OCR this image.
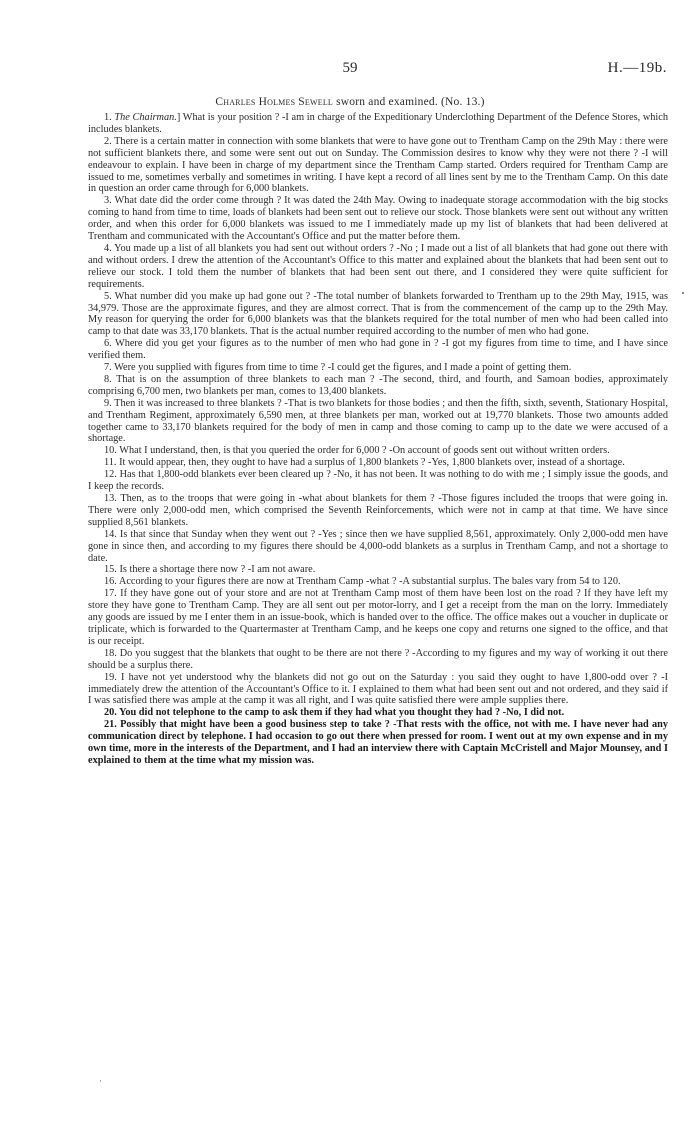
59	H.—19b.
Charles Holmes Sewell sworn and examined. (No. 13.)

1. The Chairman.] What is your position ? -I am in charge of the Expeditionary Underclothing Department of the Defence Stores, which includes blankets.

2. There is a certain matter in connection with some blankets that were to have gone out to Trentham Camp on the 29th May : there were not sufficient blankets there, and some were sent out out on Sunday. The Commission desires to know why they were not there ? -I will endeavour to explain. I have been in charge of my department since the Trentham Camp started. Orders required for Trentham Camp are issued to me, sometimes verbally and sometimes in writing. I have kept a record of all lines sent by me to the Trentham Camp. On this date in question an order came through for 6,000 blankets.

3. What date did the order come through ? It was dated the 24th May. Owing to inadequate storage accommodation with the big stocks coming to hand from time to time, loads of blankets had been sent out to relieve our stock. Those blankets were sent out without any written order, and when this order for 6,000 blankets was issued to me I immediately made up my list of blankets that had been delivered at Trentham and communicated with the Accountant's Office and put the matter before them.

4. You made up a list of all blankets you had sent out without orders ? -No ; I made out a list of all blankets that had gone out there with and without orders. I drew the attention of the Accountant's Office to this matter and explained about the blankets that had been sent out to relieve our stock. I told them the number of blankets that had been sent out there, and I considered they were quite sufficient for requirements.

5. What number did you make up had gone out ? -The total number of blankets forwarded to Trentham up to the 29th May, 1915, was 34,979. Those are the approximate figures, and they are almost correct. That is from the commencement of the camp up to the 29th May. My reason for querying the order for 6,000 blankets was that the blankets required for the total number of men who had been called into camp to that date was 33,170 blankets. That is the actual number required according to the number of men who had gone.

6. Where did you get your figures as to the number of men who had gone in ? -I got my figures from time to time, and I have since verified them.

7. Were you supplied with figures from time to time ? -I could get the figures, and I made a point of getting them.

8. That is on the assumption of three blankets to each man ? -The second, third, and fourth, and Samoan bodies, approximately comprising 6,700 men, two blankets per man, comes to 13,400 blankets.

9. Then it was increased to three blankets ? -That is two blankets for those bodies ; and then the fifth, sixth, seventh, Stationary Hospital, and Trentham Regiment, approximately 6,590 men, at three blankets per man, worked out at 19,770 blankets. Those two amounts added together came to 33,170 blankets required for the body of men in camp and those coming to camp up to the date we were accused of a shortage.

10. What I understand, then, is that you queried the order for 6,000 ? -On account of goods sent out without written orders.

11. It would appear, then, they ought to have had a surplus of 1,800 blankets ? -Yes, 1,800 blankets over, instead of a shortage.

12. Has that 1,800-odd blankets ever been cleared up ? -No, it has not been. It was nothing to do with me ; I simply issue the goods, and I keep the records.

13. Then, as to the troops that were going in -what about blankets for them ? -Those figures included the troops that were going in. There were only 2,000-odd men, which comprised the Seventh Reinforcements, which were not in camp at that time. We have since supplied 8,561 blankets.

14. Is that since that Sunday when they went out ? -Yes ; since then we have supplied 8,561, approximately. Only 2,000-odd men have gone in since then, and according to my figures there should be 4,000-odd blankets as a surplus in Trentham Camp, and not a shortage to date.

15. Is there a shortage there now ? -I am not aware.

16. According to your figures there are now at Trentham Camp -what ? -A substantial surplus. The bales vary from 54 to 120.

17. If they have gone out of your store and are not at Trentham Camp most of them have been lost on the road ? If they have left my store they have gone to Trentham Camp. They are all sent out per motor-lorry, and I get a receipt from the man on the lorry. Immediately any goods are issued by me I enter them in an issue-book, which is handed over to the office. The office makes out a voucher in duplicate or triplicate, which is forwarded to the Quartermaster at Trentham Camp, and he keeps one copy and returns one signed to the office, and that is our receipt.

18. Do you suggest that the blankets that ought to be there are not there ? -According to my figures and my way of working it out there should be a surplus there.

19. I have not yet understood why the blankets did not go out on the Saturday : you said they ought to have 1,800-odd over ? -I immediately drew the attention of the Accountant's Office to it. I explained to them what had been sent out and not ordered, and they said if I was satisfied there was ample at the camp it was all right, and I was quite satisfied there were ample supplies there.

20. You did not telephone to the camp to ask them if they had what you thought they had ? -No, I did not.

21. Possibly that might have been a good business step to take ? -That rests with the office, not with me. I have never had any communication direct by telephone. I had occasion to go out there when pressed for room. I went out at my own expense and in my own time, more in the interests of the Department, and I had an interview there with Captain McCristell and Major Mounsey, and I explained to them at the time what my mission was.
